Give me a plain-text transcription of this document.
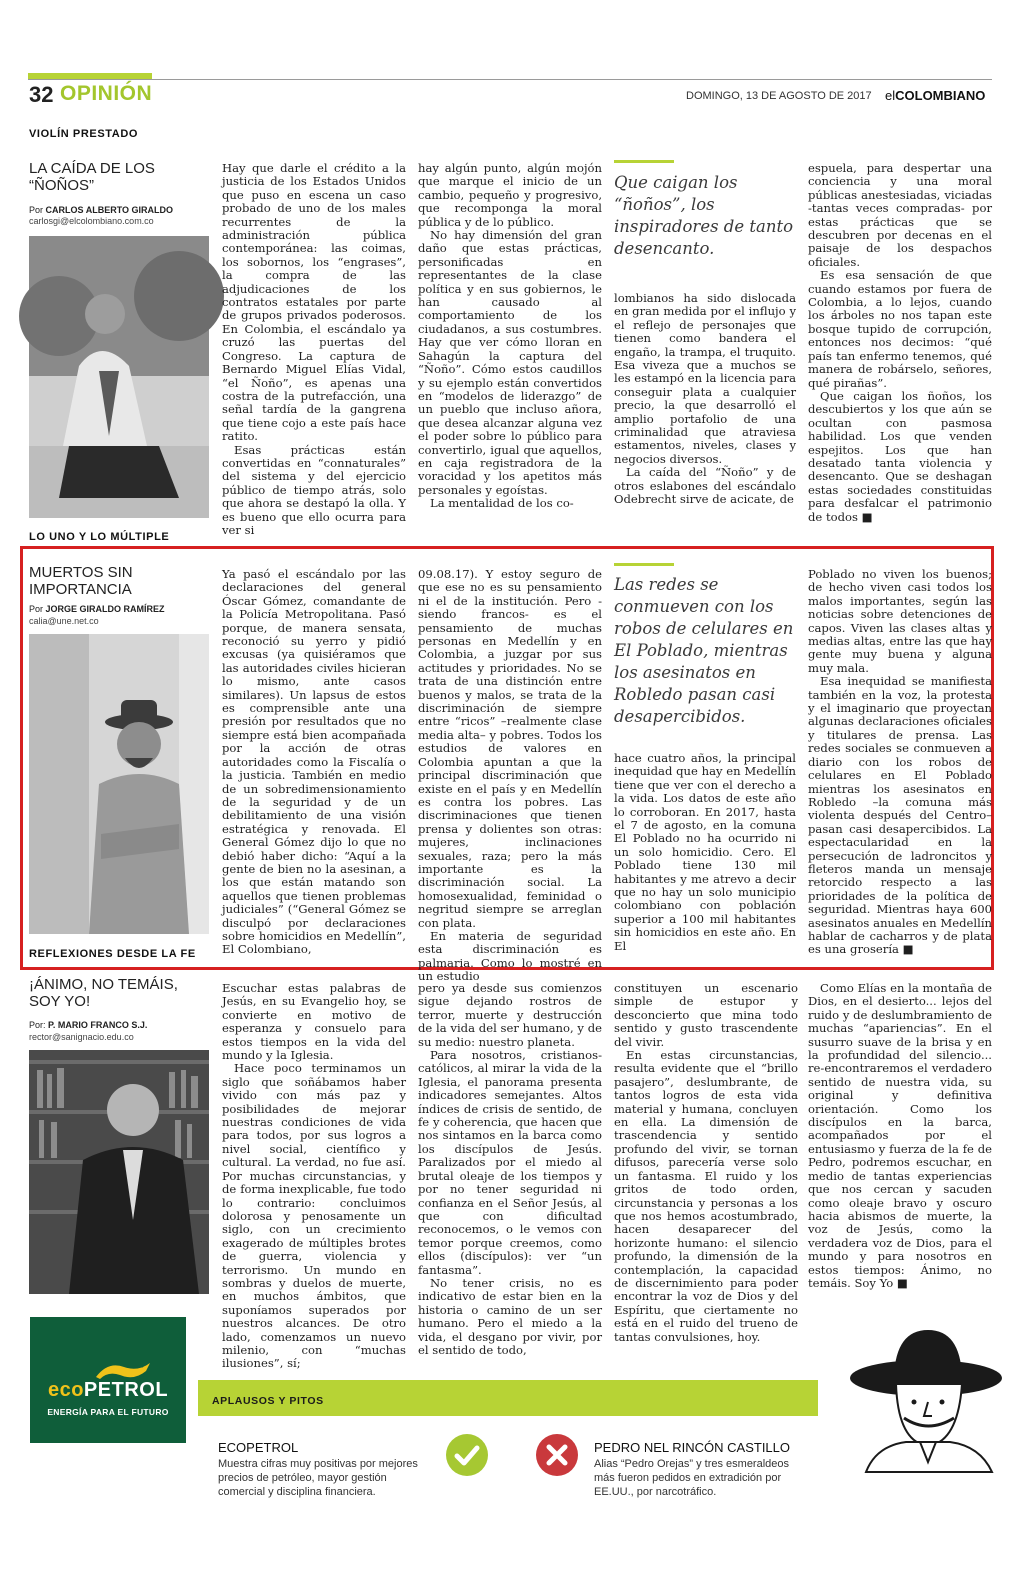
32 OPINIÓN	DOMINGO, 13 DE AGOSTO DE 2017 elCOLOMBIANO
VIOLÍN PRESTADO
LA CAÍDA DE LOS “ÑOÑOS”
Por CARLOS ALBERTO GIRALDO
carlosgi@elcolombiano.com.co

Hay que darle el crédito a la justicia de los Estados Unidos que puso en escena un caso probado de uno de los males recurrentes de la administración pública contemporánea: las coimas, los sobornos, los “engrases”, la compra de las adjudicaciones de los contratos estatales por parte de grupos privados poderosos. En Colombia, el escándalo ya cruzó las puertas del Congreso. La captura de Bernardo Miguel Elías Vidal, “el Ñoño”, es apenas una costra de la putrefacción, una señal tardía de la gangrena que tiene cojo a este país hace ratito.

Esas prácticas están convertidas en “connaturales” del sistema y del ejercicio público de tiempo atrás, solo que ahora se destapó la olla. Y es bueno que ello ocurra para ver si

hay algún punto, algún mojón que marque el inicio de un cambio, pequeño y progresivo, que recomponga la moral pública y de lo público.

No hay dimensión del gran daño que estas prácticas, personificadas en representantes de la clase política y en sus gobiernos, le han causado al comportamiento de los ciudadanos, a sus costumbres. Hay que ver cómo lloran en Sahagún la captura del “Ñoño”. Cómo estos caudillos y su ejemplo están convertidos en “modelos de liderazgo” de un pueblo que incluso añora, que desea alcanzar alguna vez el poder sobre lo público para convertirlo, igual que aquellos, en caja registradora de la voracidad y los apetitos más personales y egoístas.

La mentalidad de los co-

Que caigan los “ñoños”, los inspiradores de tanto desencanto.

lombianos ha sido dislocada en gran medida por el influjo y el reflejo de personajes que tienen como bandera el engaño, la trampa, el truquito. Esa viveza que a muchos se les estampó en la licencia para conseguir plata a cualquier precio, la que desarrolló el amplio portafolio de una criminalidad que atraviesa estamentos, niveles, clases y negocios diversos.

La caída del “Ñoño” y de otros eslabones del escándalo Odebrecht sirve de acicate, de

espuela, para despertar una conciencia y una moral públicas anestesiadas, viciadas -tantas veces compradas- por estas prácticas que se descubren por decenas en el paisaje de los despachos oficiales.

Es esa sensación de que cuando estamos por fuera de Colombia, a lo lejos, cuando los árboles no nos tapan este bosque tupido de corrupción, entonces nos decimos: “qué país tan enfermo tenemos, qué manera de robárselo, señores, qué pirañas”.

Que caigan los ñoños, los descubiertos y los que aún se ocultan con pasmosa habilidad. Los que venden espejitos. Los que han desatado tanta violencia y desencanto. Que se deshagan estas sociedades constituidas para desfalcar el patrimonio de todos ■

LO UNO Y LO MÚLTIPLE
MUERTOS SIN IMPORTANCIA
Por JORGE GIRALDO RAMÍREZ
calia@une.net.co

Ya pasó el escándalo por las declaraciones del general Óscar Gómez, comandante de la Policía Metropolitana. Pasó porque, de manera sensata, reconoció su yerro y pidió excusas (ya quisiéramos que las autoridades civiles hicieran lo mismo, ante casos similares). Un lapsus de estos es comprensible ante una presión por resultados que no siempre está bien acompañada por la acción de otras autoridades como la Fiscalía o la justicia. También en medio de un sobredimensionamiento de la seguridad y de un debilitamiento de una visión estratégica y renovada. El General Gómez dijo lo que no debió haber dicho: “Aquí a la gente de bien no la asesinan, a los que están matando son aquellos que tienen problemas judiciales” (“General Gómez se disculpó por declaraciones sobre homicidios en Medellín”, El Colombiano,

09.08.17). Y estoy seguro de que ese no es su pensamiento ni el de la institución. Pero -siendo francos- es el pensamiento de muchas personas en Medellín y en Colombia, a juzgar por sus actitudes y prioridades. No se trata de una distinción entre buenos y malos, se trata de la discriminación de siempre entre “ricos” –realmente clase media alta– y pobres. Todos los estudios de valores en Colombia apuntan a que la principal discriminación que existe en el país y en Medellín es contra los pobres. Las discriminaciones que tienen prensa y dolientes son otras: mujeres, inclinaciones sexuales, raza; pero la más importante es la discriminación social. La homosexualidad, feminidad o negritud siempre se arreglan con plata.

En materia de seguridad esta discriminación es palmaria. Como lo mostré en un estudio

Las redes se conmueven con los robos de celulares en El Poblado, mientras los asesinatos en Robledo pasan casi desapercibidos.

hace cuatro años, la principal inequidad que hay en Medellín tiene que ver con el derecho a la vida. Los datos de este año lo corroboran. En 2017, hasta el 7 de agosto, en la comuna El Poblado no ha ocurrido ni un solo homicidio. Cero. El Poblado tiene 130 mil habitantes y me atrevo a decir que no hay un solo municipio colombiano con población superior a 100 mil habitantes sin homicidios en este año. En El

Poblado no viven los buenos; de hecho viven casi todos los malos importantes, según las noticias sobre detenciones de capos. Viven las clases altas y medias altas, entre las que hay gente muy buena y alguna muy mala.

Esa inequidad se manifiesta también en la voz, la protesta y el imaginario que proyectan algunas declaraciones oficiales y titulares de prensa. Las redes sociales se conmueven a diario con los robos de celulares en El Poblado mientras los asesinatos en Robledo –la comuna más violenta después del Centro– pasan casi desapercibidos. La espectacularidad en la persecución de ladroncitos y fleteros manda un mensaje retorcido respecto a las prioridades de la política de seguridad. Mientras haya 600 asesinatos anuales en Medellín hablar de cacharros y de plata es una grosería ■

REFLEXIONES DESDE LA FE
¡ÁNIMO, NO TEMÁIS, SOY YO!
Por: P. MARIO FRANCO S.J.
rector@sanignacio.edu.co

Escuchar estas palabras de Jesús, en su Evangelio hoy, se convierte en motivo de esperanza y consuelo para estos tiempos en la vida del mundo y la Iglesia.

Hace poco terminamos un siglo que soñábamos haber vivido con más paz y posibilidades de mejorar nuestras condiciones de vida para todos, por sus logros a nivel social, científico y cultural. La verdad, no fue así. Por muchas circunstancias, y de forma inexplicable, fue todo lo contrario: concluimos dolorosa y penosamente un siglo, con un crecimiento exagerado de múltiples brotes de guerra, violencia y terrorismo. Un mundo en sombras y duelos de muerte, en muchos ámbitos, que suponíamos superados por nuestros alcances. De otro lado, comenzamos un nuevo milenio, con “muchas ilusiones”, sí;

pero ya desde sus comienzos sigue dejando rostros de terror, muerte y destrucción de la vida del ser humano, y de su medio: nuestro planeta.

Para nosotros, cristianos-católicos, al mirar la vida de la Iglesia, el panorama presenta indicadores semejantes. Altos índices de crisis de sentido, de fe y coherencia, que hacen que nos sintamos en la barca como los discípulos de Jesús. Paralizados por el miedo al brutal oleaje de los tiempos y por no tener seguridad ni confianza en el Señor Jesús, al que con dificultad reconocemos, o le vemos con temor porque creemos, como ellos (discípulos): ver “un fantasma”.

No tener crisis, no es indicativo de estar bien en la historia o camino de un ser humano. Pero el miedo a la vida, el desgano por vivir, por el sentido de todo,

constituyen un escenario simple de estupor y desconcierto que mina todo sentido y gusto trascendente del vivir.

En estas circunstancias, resulta evidente que el “brillo pasajero”, deslumbrante, de tantos logros de esta vida material y humana, concluyen en ella. La dimensión de trascendencia y sentido profundo del vivir, se tornan difusos, parecería verse solo un fantasma. El ruido y los gritos de todo orden, circunstancia y personas a los que nos hemos acostumbrado, hacen desaparecer del horizonte humano: el silencio profundo, la dimensión de la contemplación, la capacidad de discernimiento para poder encontrar la voz de Dios y del Espíritu, que ciertamente no está en el ruido del trueno de tantas convulsiones, hoy.

Como Elías en la montaña de Dios, en el desierto... lejos del ruido y de deslumbramiento de muchas “apariencias”. En el susurro suave de la brisa y en la profundidad del silencio... re-encontraremos el verdadero sentido de nuestra vida, su original y definitiva orientación. Como los discípulos en la barca, acompañados por el entusiasmo y fuerza de la fe de Pedro, podremos escuchar, en medio de tantas experiencias que nos cercan y sacuden como oleaje bravo y oscuro hacia abismos de muerte, la voz de Jesús, como la verdadera voz de Dios, para el mundo y para nosotros en estos tiempos: Ánimo, no temáis. Soy Yo ■

ecoPETROL
ENERGÍA PARA EL FUTURO
APLAUSOS Y PITOS
ECOPETROL
Muestra cifras muy positivas por mejores precios de petróleo, mayor gestión comercial y disciplina financiera.
PEDRO NEL RINCÓN CASTILLO
Alias “Pedro Orejas” y tres esmeraldeos más fueron pedidos en extradición por EE.UU., por narcotráfico.
